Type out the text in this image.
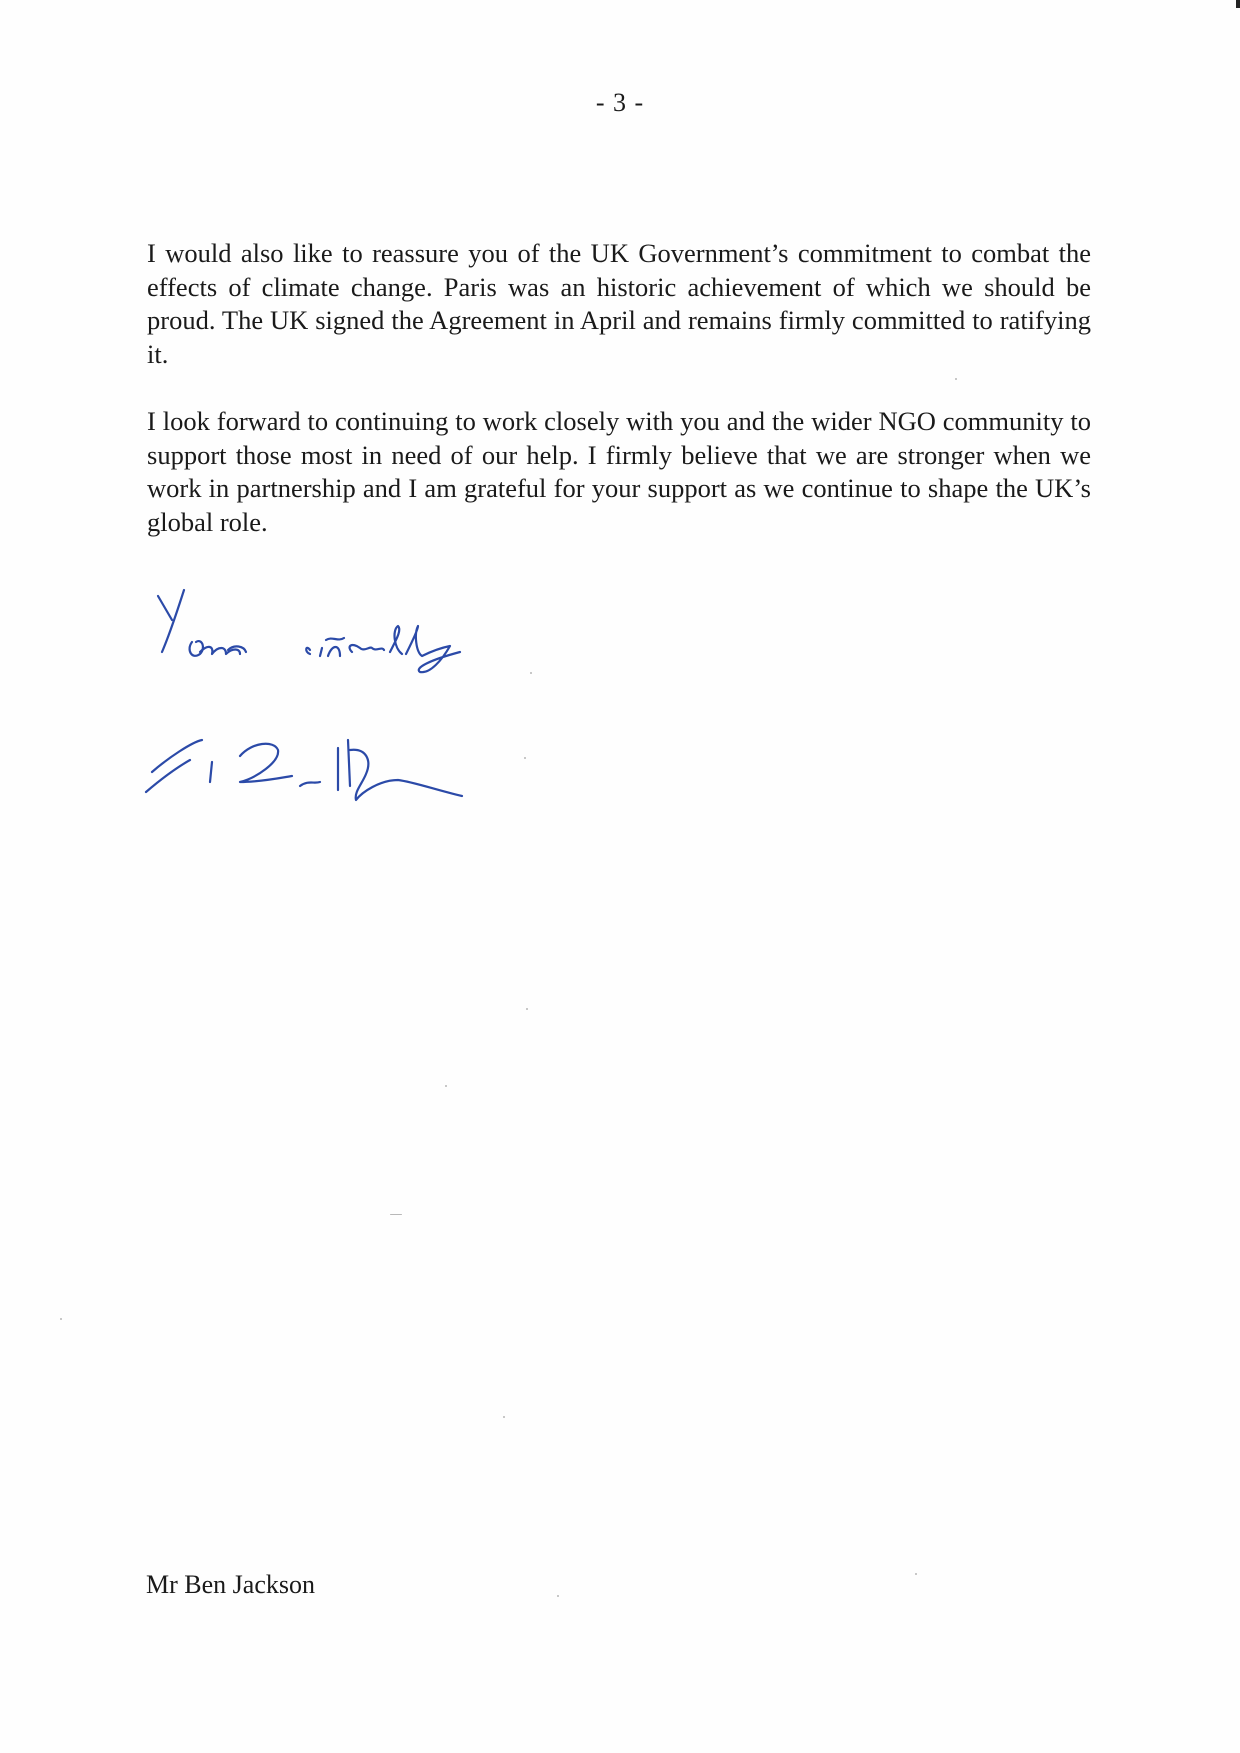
- 3 -

I would also like to reassure you of the UK Government’s commitment to combat the effects of climate change. Paris was an historic achievement of which we should be proud. The UK signed the Agreement in April and remains firmly committed to ratifying it.

I look forward to continuing to work closely with you and the wider NGO community to support those most in need of our help. I firmly believe that we are stronger when we work in partnership and I am grateful for your support as we continue to shape the UK’s global role.

Mr Ben Jackson
